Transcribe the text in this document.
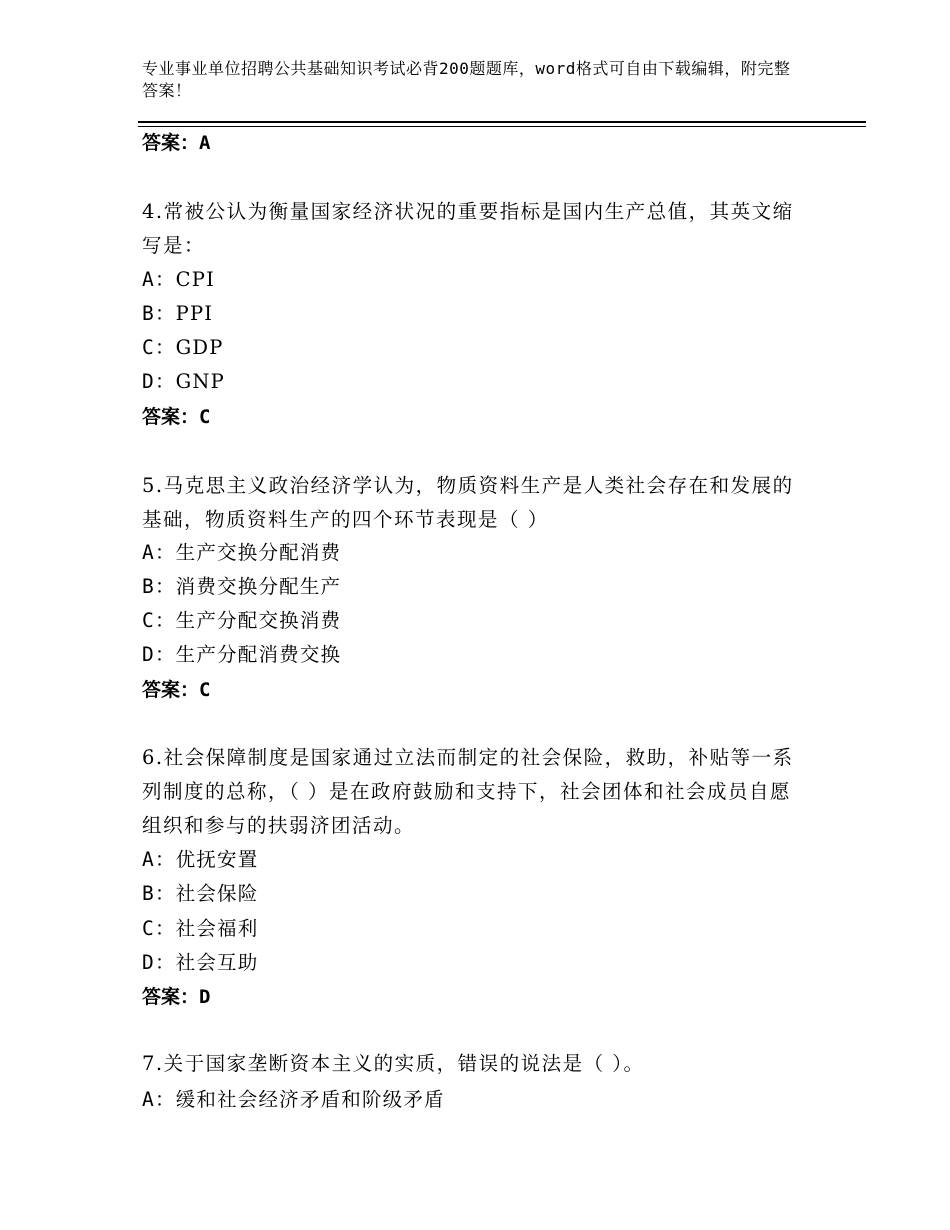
专业事业单位招聘公共基础知识考试必背200题题库，word格式可自由下载编辑，附完整答案！
答案：A
4.常被公认为衡量国家经济状况的重要指标是国内生产总值，其英文缩写是：
A：CPI
B：PPI
C：GDP
D：GNP
答案：C
5.马克思主义政治经济学认为，物质资料生产是人类社会存在和发展的基础，物质资料生产的四个环节表现是（ ）
A：生产交换分配消费
B：消费交换分配生产
C：生产分配交换消费
D：生产分配消费交换
答案：C
6.社会保障制度是国家通过立法而制定的社会保险，救助，补贴等一系列制度的总称，（ ）是在政府鼓励和支持下，社会团体和社会成员自愿组织和参与的扶弱济团活动。
A：优抚安置
B：社会保险
C：社会福利
D：社会互助
答案：D
7.关于国家垄断资本主义的实质，错误的说法是（ ）。
A：缓和社会经济矛盾和阶级矛盾
